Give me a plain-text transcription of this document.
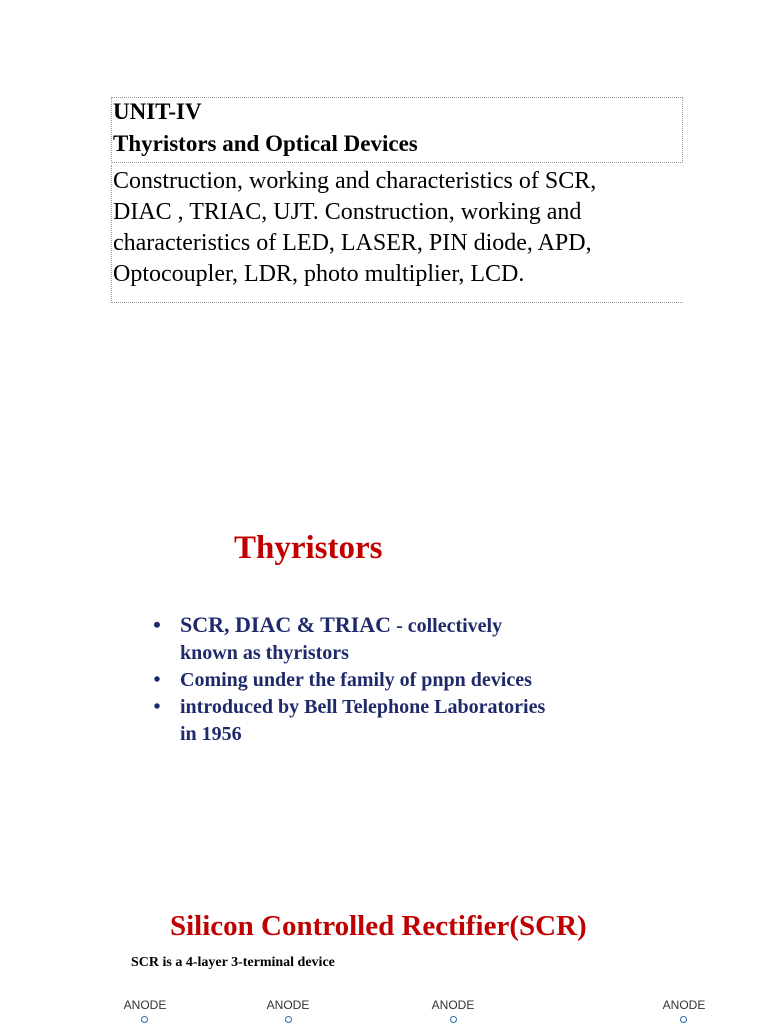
UNIT-IV
Thyristors and Optical Devices
Construction, working and characteristics of SCR,
DIAC , TRIAC, UJT. Construction, working and
characteristics of LED, LASER, PIN diode, APD,
Optocoupler, LDR, photo multiplier, LCD.
Thyristors
• SCR, DIAC & TRIAC - collectively
known as thyristors
• Coming under the family of pnpn devices
• introduced by Bell Telephone Laboratories
in 1956
Silicon Controlled Rectifier(SCR)
SCR is a 4-layer 3-terminal device
ANODE	ANODE	ANODE	ANODE
